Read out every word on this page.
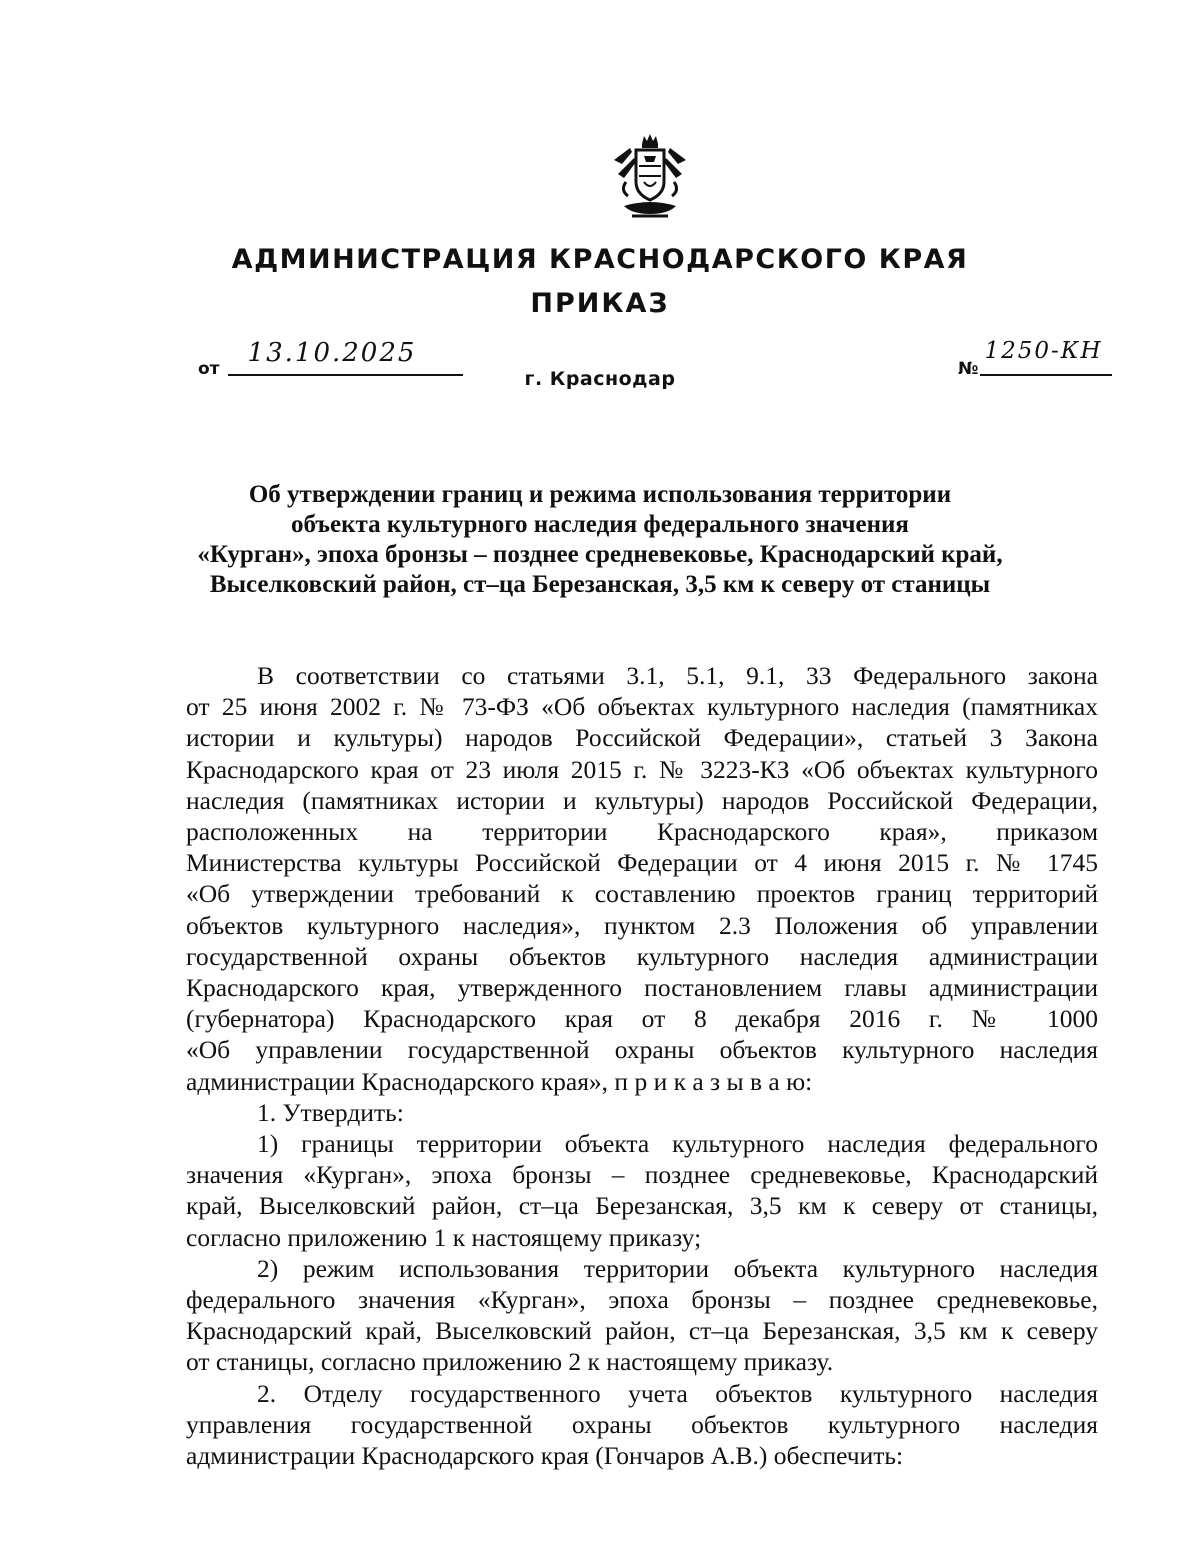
АДМИНИСТРАЦИЯ КРАСНОДАРСКОГО КРАЯ
ПРИКАЗ
от
13.10.2025
№
1250-КН
г. Краснодар
Об утверждении границ и режима использования территории
объекта культурного наследия федерального значения
«Курган», эпоха бронзы – позднее средневековье, Краснодарский край,
Выселковский район, ст–ца Березанская, 3,5 км к северу от станицы
В соответствии со статьями 3.1, 5.1, 9.1, 33 Федерального закона
от 25 июня 2002 г. № 73-ФЗ «Об объектах культурного наследия (памятниках
истории и культуры) народов Российской Федерации», статьей 3 Закона
Краснодарского края от 23 июля 2015 г. № 3223-КЗ «Об объектах культурного
наследия (памятниках истории и культуры) народов Российской Федерации,
расположенных на территории Краснодарского края», приказом
Министерства культуры Российской Федерации от 4 июня 2015 г. № 1745
«Об утверждении требований к составлению проектов границ территорий
объектов культурного наследия», пунктом 2.3 Положения об управлении
государственной охраны объектов культурного наследия администрации
Краснодарского края, утвержденного постановлением главы администрации
(губернатора) Краснодарского края от 8 декабря 2016 г. № 1000
«Об управлении государственной охраны объектов культурного наследия
администрации Краснодарского края», п р и к а з ы в а ю:
1. Утвердить:
1) границы территории объекта культурного наследия федерального
значения «Курган», эпоха бронзы – позднее средневековье, Краснодарский
край, Выселковский район, ст–ца Березанская, 3,5 км к северу от станицы,
согласно приложению 1 к настоящему приказу;
2) режим использования территории объекта культурного наследия
федерального значения «Курган», эпоха бронзы – позднее средневековье,
Краснодарский край, Выселковский район, ст–ца Березанская, 3,5 км к северу
от станицы, согласно приложению 2 к настоящему приказу.
2. Отделу государственного учета объектов культурного наследия
управления государственной охраны объектов культурного наследия
администрации Краснодарского края (Гончаров А.В.) обеспечить:
